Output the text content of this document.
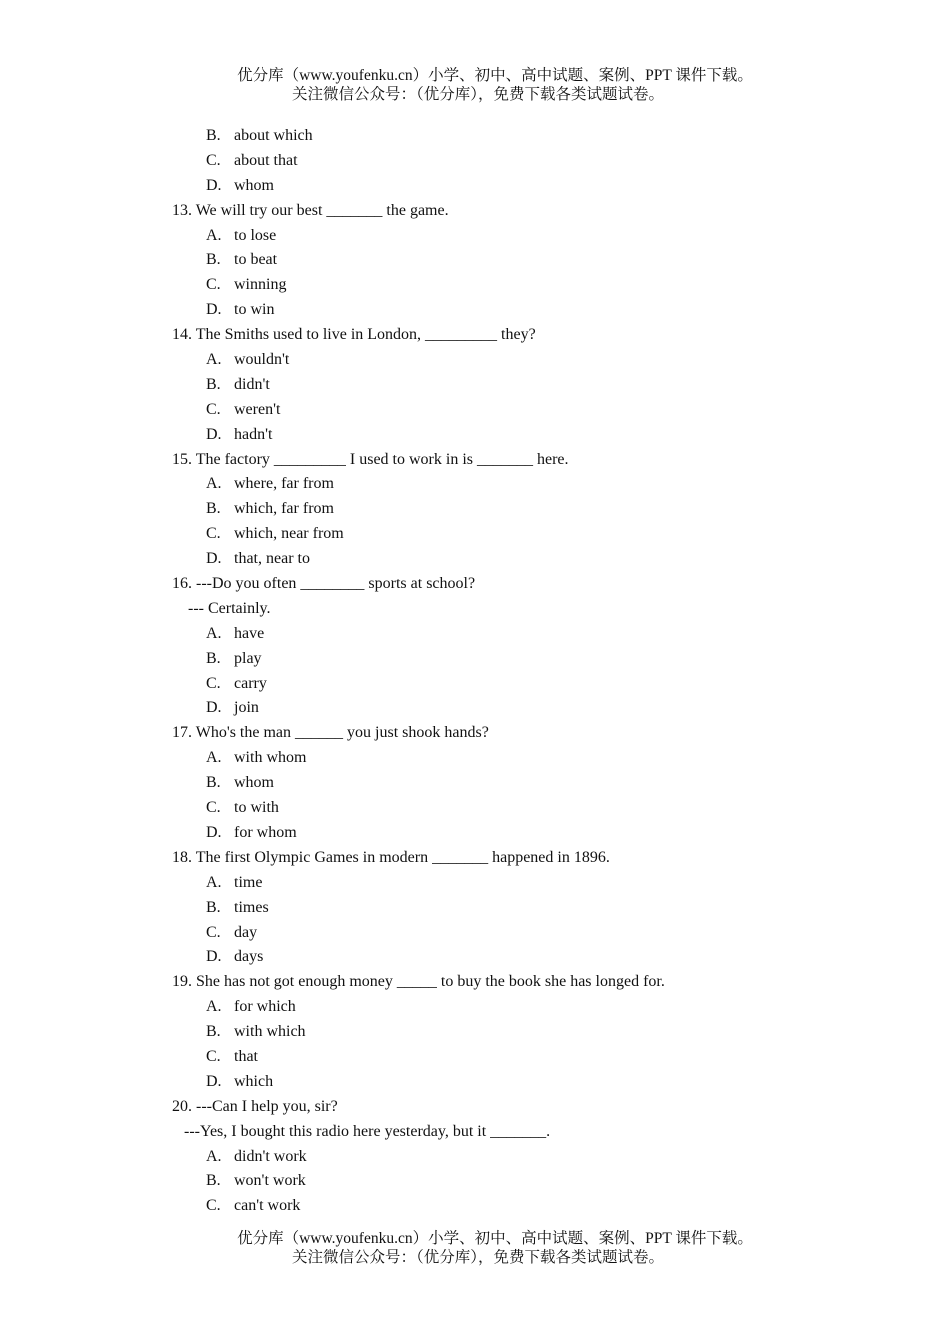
优分库（www.youfenku.cn）小学、初中、高中试题、案例、PPT 课件下载。
关注微信公众号：（优分库），免费下载各类试题试卷。
B. about which
C. about that
D. whom
13. We will try our best _______ the game.
A. to lose
B. to beat
C. winning
D. to win
14. The Smiths used to live in London, _________ they?
A. wouldn't
B. didn't
C. weren't
D. hadn't
15. The factory _________ I used to work in is _______ here.
A. where, far from
B. which, far from
C. which, near from
D. that, near to
16. ---Do you often ________ sports at school?
--- Certainly.
A. have
B. play
C. carry
D. join
17. Who's the man ______ you just shook hands?
A. with whom
B. whom
C. to with
D. for whom
18. The first Olympic Games in modern _______ happened in 1896.
A. time
B. times
C. day
D. days
19. She has not got enough money _____ to buy the book she has longed for.
A. for which
B. with which
C. that
D. which
20. ---Can I help you, sir?
---Yes, I bought this radio here yesterday, but it _______.
A. didn't work
B. won't work
C. can't work
优分库（www.youfenku.cn）小学、初中、高中试题、案例、PPT 课件下载。
关注微信公众号：（优分库），免费下载各类试题试卷。
